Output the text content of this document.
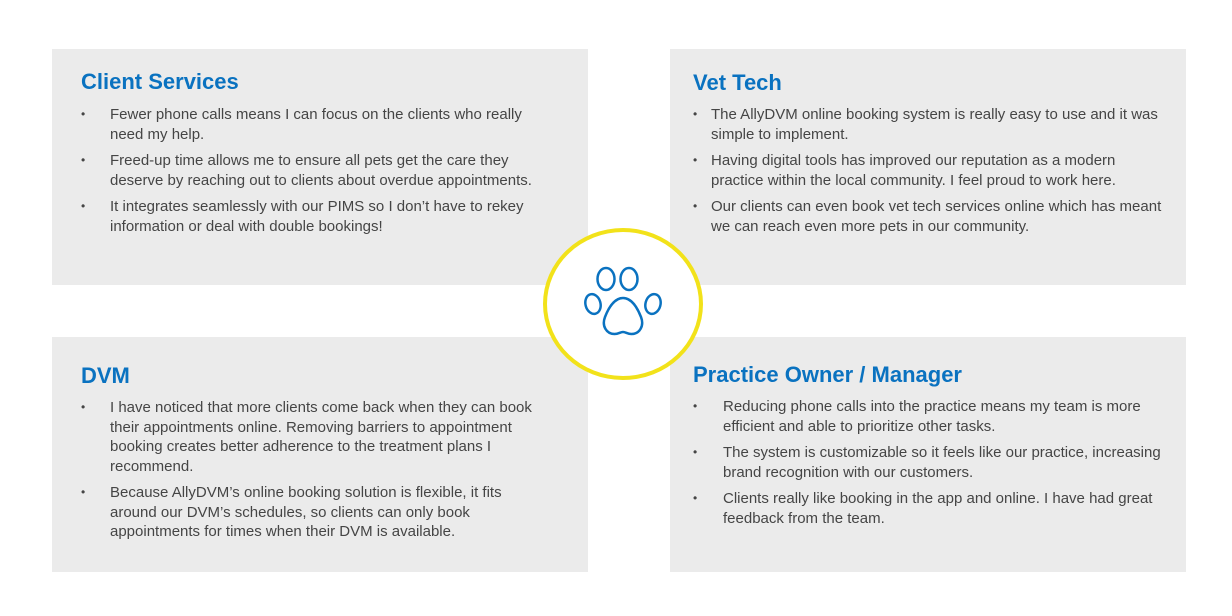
Client Services
• Fewer phone calls means I can focus on the clients who really need my help.
• Freed-up time allows me to ensure all pets get the care they deserve by reaching out to clients about overdue appointments.
• It integrates seamlessly with our PIMS so I don’t have to rekey information or deal with double bookings!
Vet Tech
• The AllyDVM online booking system is really easy to use and it was simple to implement.
• Having digital tools has improved our reputation as a modern practice within the local community. I feel proud to work here.
• Our clients can even book vet tech services online which has meant we can reach even more pets in our community.
DVM
• I have noticed that more clients come back when they can book their appointments online. Removing barriers to appointment booking creates better adherence to the treatment plans I recommend.
• Because AllyDVM’s online booking solution is flexible, it fits around our DVM’s schedules, so clients can only book appointments for times when their DVM is available.
Practice Owner / Manager
• Reducing phone calls into the practice means my team is more efficient and able to prioritize other tasks.
• The system is customizable so it feels like our practice, increasing brand recognition with our customers.
• Clients really like booking in the app and online. I have had great feedback from the team.
